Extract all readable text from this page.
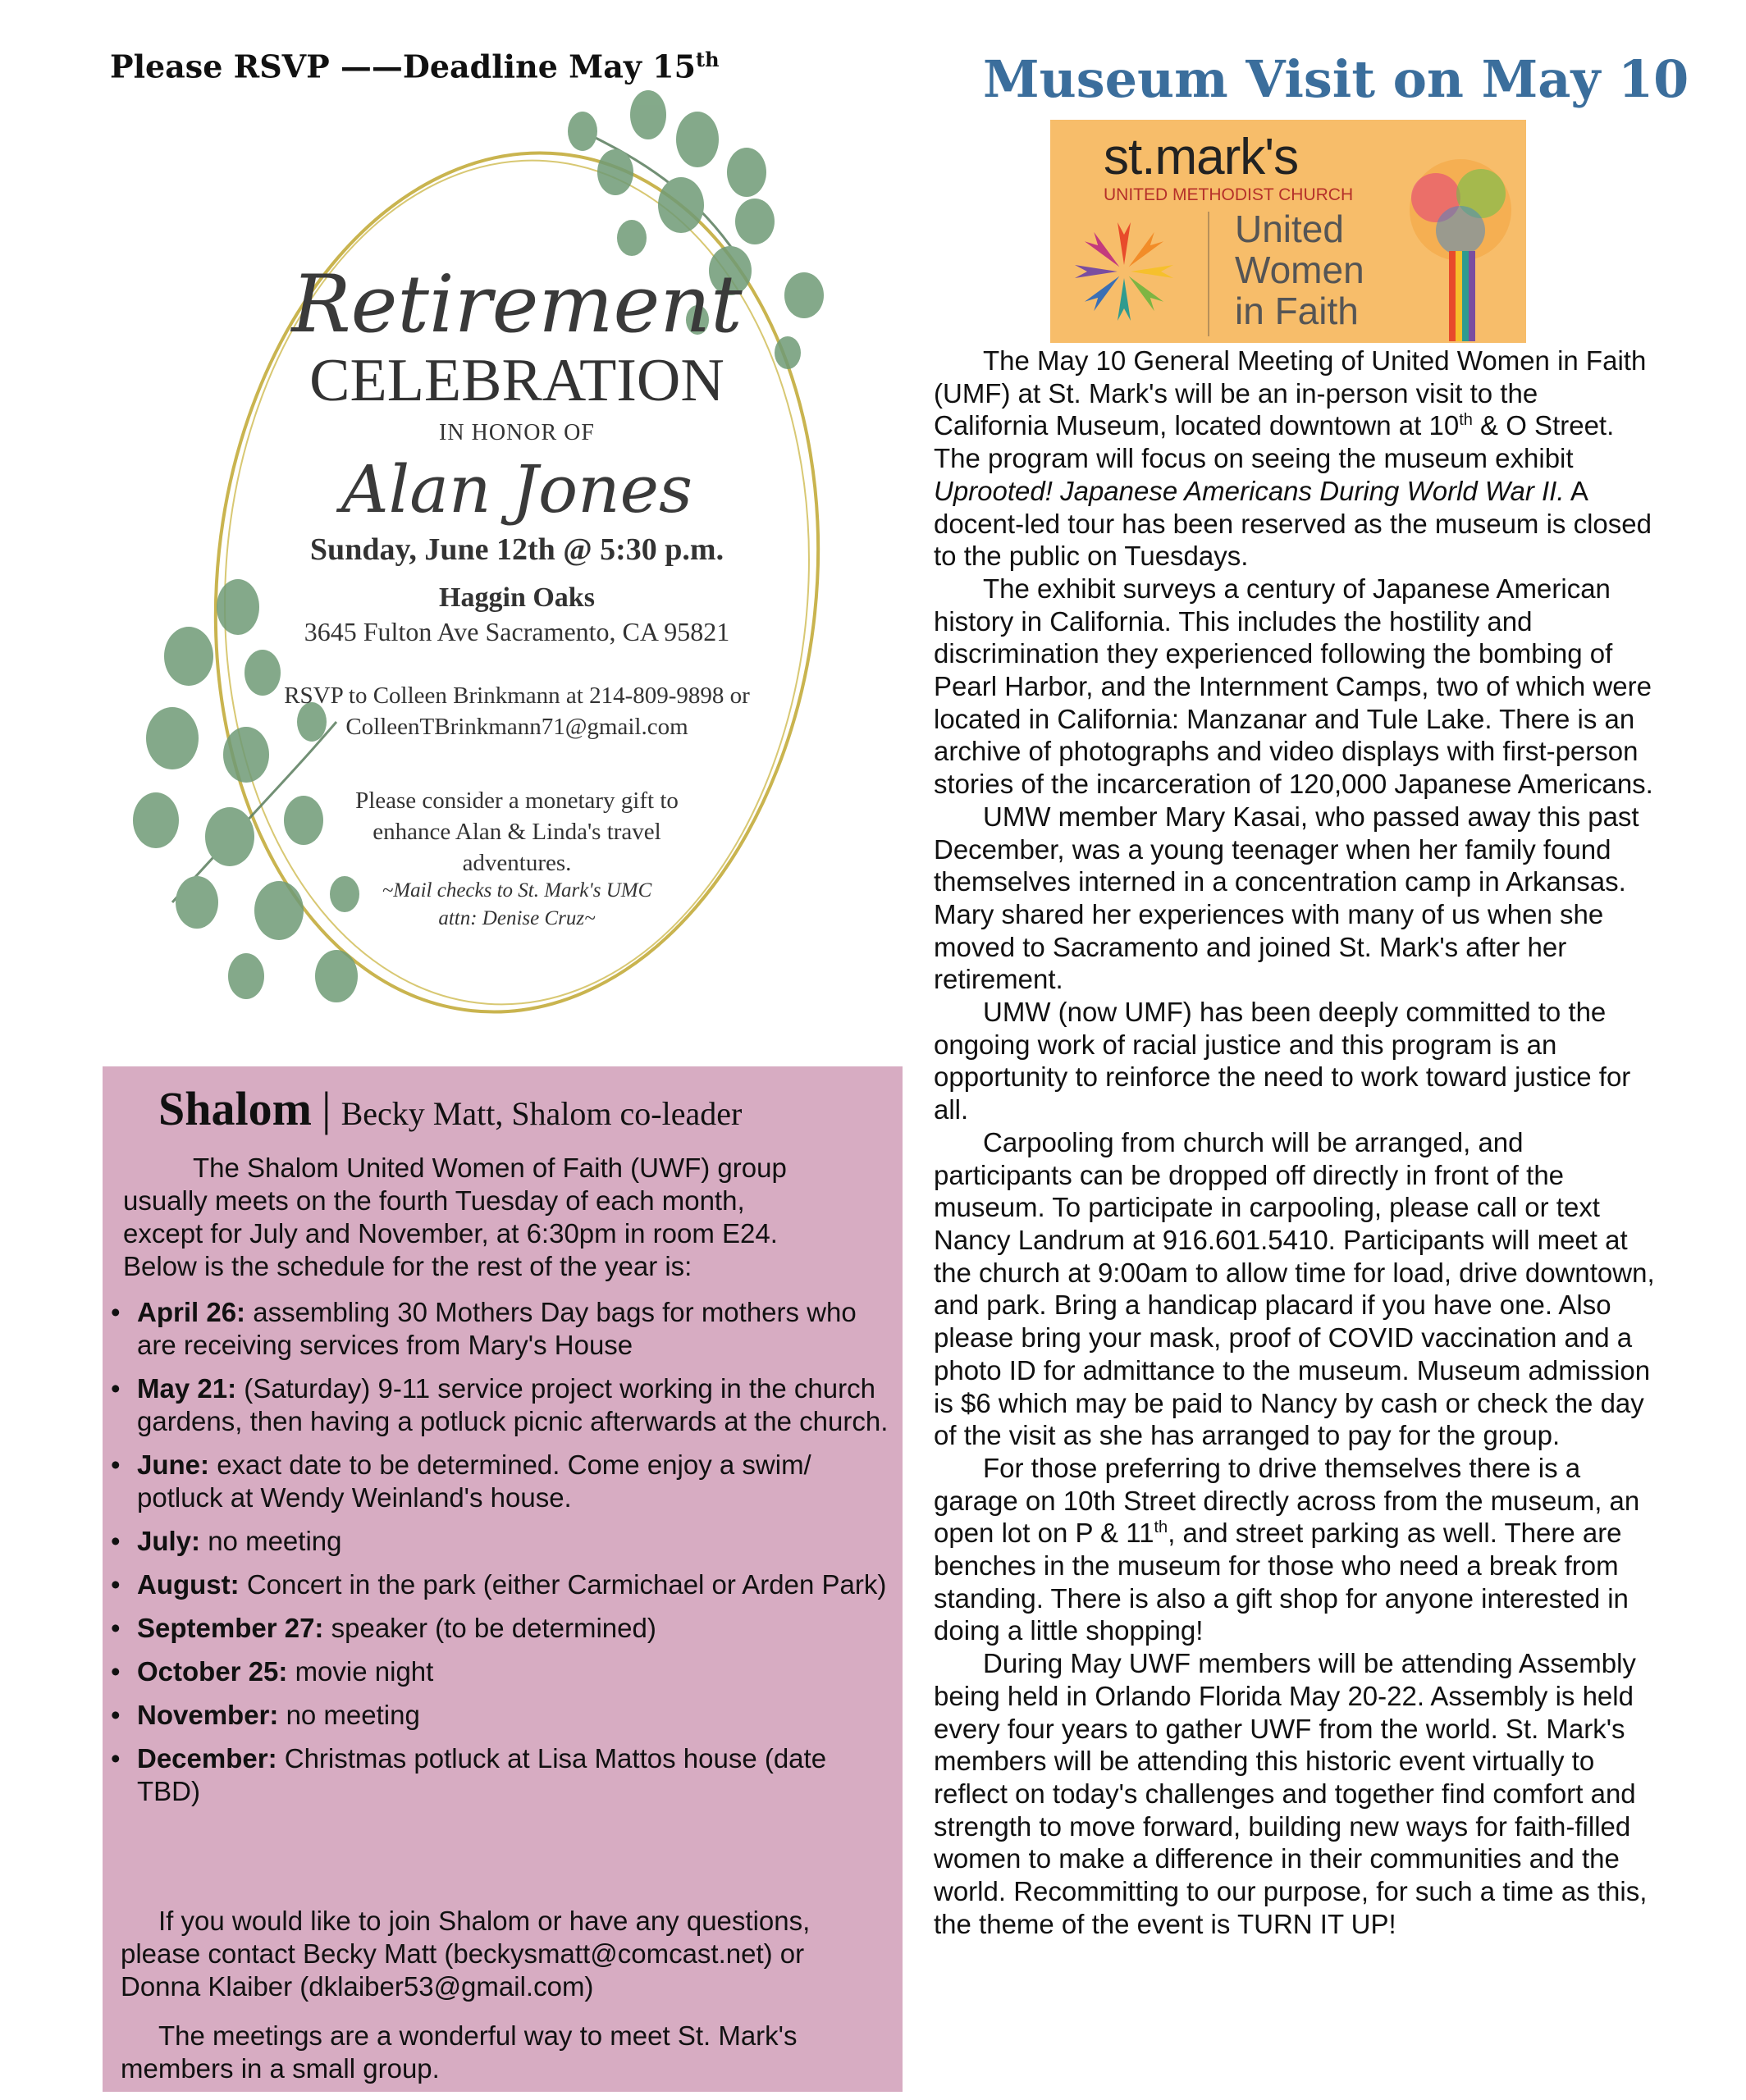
Please RSVP ——Deadline May 15th
Retirement
CELEBRATION
IN HONOR OF
Alan Jones
Sunday, June 12th @ 5:30 p.m.
Haggin Oaks
3645 Fulton Ave Sacramento, CA 95821
RSVP to Colleen Brinkmann at 214-809-9898 or
ColleenTBrinkmann71@gmail.com
Please consider a monetary gift to
enhance Alan & Linda's travel
adventures.
~Mail checks to St. Mark's UMC
attn: Denise Cruz~
Shalom | Becky Matt, Shalom co-leader
The Shalom United Women of Faith (UWF) group
usually meets on the fourth Tuesday of each month,
except for July and November, at 6:30pm in room E24.
Below is the schedule for the rest of the year is:
• April 26: assembling 30 Mothers Day bags for mothers who are receiving services from Mary's House
• May 21: (Saturday) 9-11 service project working in the church gardens, then having a potluck picnic afterwards at the church.
• June: exact date to be determined. Come enjoy a swim/ potluck at Wendy Weinland's house.
• July: no meeting
• August: Concert in the park (either Carmichael or Arden Park)
• September 27: speaker (to be determined)
• October 25: movie night
• November: no meeting
• December: Christmas potluck at Lisa Mattos house (date TBD)
If you would like to join Shalom or have any questions,
please contact Becky Matt (beckysmatt@comcast.net) or
Donna Klaiber (dklaiber53@gmail.com)
The meetings are a wonderful way to meet St. Mark's
members in a small group.
Museum Visit on May 10
st.mark's
UNITED METHODIST CHURCH
United
Women
in Faith

The May 10 General Meeting of United Women in Faith (UMF) at St. Mark's will be an in-person visit to the California Museum, located downtown at 10th & O Street. The program will focus on seeing the museum exhibit Uprooted! Japanese Americans During World War II. A docent-led tour has been reserved as the museum is closed to the public on Tuesdays.

The exhibit surveys a century of Japanese American history in California. This includes the hostility and discrimination they experienced following the bombing of Pearl Harbor, and the Internment Camps, two of which were located in California: Manzanar and Tule Lake. There is an archive of photographs and video displays with first-person stories of the incarceration of 120,000 Japanese Americans.

UMW member Mary Kasai, who passed away this past December, was a young teenager when her family found themselves interned in a concentration camp in Arkansas. Mary shared her experiences with many of us when she moved to Sacramento and joined St. Mark's after her retirement.

UMW (now UMF) has been deeply committed to the ongoing work of racial justice and this program is an opportunity to reinforce the need to work toward justice for all.

Carpooling from church will be arranged, and participants can be dropped off directly in front of the museum. To participate in carpooling, please call or text Nancy Landrum at 916.601.5410. Participants will meet at the church at 9:00am to allow time for load, drive downtown, and park. Bring a handicap placard if you have one. Also please bring your mask, proof of COVID vaccination and a photo ID for admittance to the museum. Museum admission is $6 which may be paid to Nancy by cash or check the day of the visit as she has arranged to pay for the group.

For those preferring to drive themselves there is a garage on 10th Street directly across from the museum, an open lot on P & 11th, and street parking as well. There are benches in the museum for those who need a break from standing. There is also a gift shop for anyone interested in doing a little shopping!

During May UWF members will be attending Assembly being held in Orlando Florida May 20-22. Assembly is held every four years to gather UWF from the world. St. Mark's members will be attending this historic event virtually to reflect on today's challenges and together find comfort and strength to move forward, building new ways for faith-filled women to make a difference in their communities and the world. Recommitting to our purpose, for such a time as this, the theme of the event is TURN IT UP!
